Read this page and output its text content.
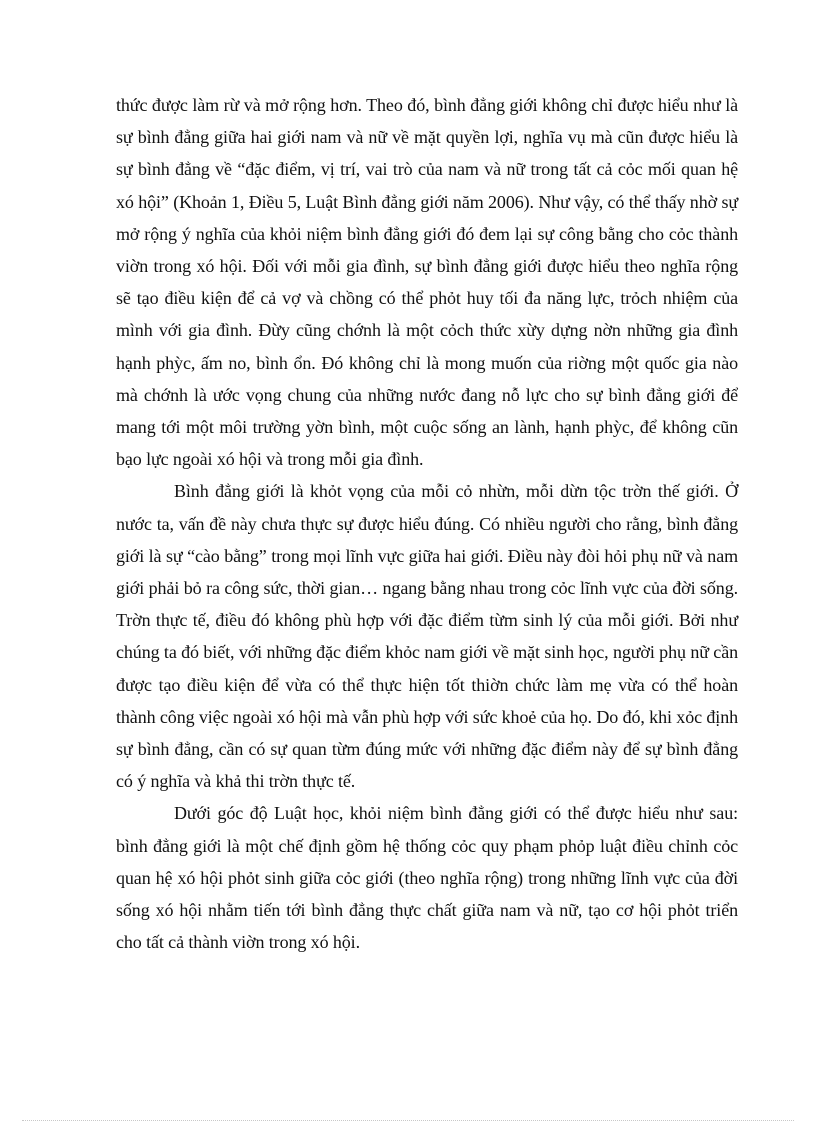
thức được làm rừ và mở rộng hơn. Theo đó, bình đẳng giới không chỉ được hiểu như là sự bình đẳng giữa hai giới nam và nữ về mặt quyền lợi, nghĩa vụ mà cũn được hiểu là sự bình đẳng về “đặc điểm, vị trí, vai trò của nam và nữ trong tất cả cỏc mối quan hệ xó hội” (Khoản 1, Điều 5, Luật Bình đẳng giới năm 2006). Như vậy, có thể thấy nhờ sự mở rộng ý nghĩa của khỏi niệm bình đẳng giới đó đem lại sự công bằng cho cỏc thành viờn trong xó hội. Đối với mỗi gia đình, sự bình đẳng giới được hiểu theo nghĩa rộng sẽ tạo điều kiện để cả vợ và chồng có thể phỏt huy tối đa năng lực, trỏch nhiệm của mình với gia đình. Đừy cũng chớnh là một cỏch thức xừy dựng nờn những gia đình hạnh phỳc, ấm no, bình ổn. Đó không chỉ là mong muốn của riờng một quốc gia nào mà chớnh là ước vọng chung của những nước đang nỗ lực cho sự bình đẳng giới để mang tới một môi trường yờn bình, một cuộc sống an lành, hạnh phỳc, để không cũn bạo lực ngoài xó hội và trong mỗi gia đình.

Bình đẳng giới là khỏt vọng của mỗi cỏ nhừn, mỗi dừn tộc trờn thế giới. Ở nước ta, vấn đề này chưa thực sự được hiểu đúng. Có nhiều người cho rằng, bình đẳng giới là sự “cào bằng” trong mọi lĩnh vực giữa hai giới. Điều này đòi hỏi phụ nữ và nam giới phải bỏ ra công sức, thời gian… ngang bằng nhau trong cỏc lĩnh vực của đời sống. Trờn thực tế, điều đó không phù hợp với đặc điểm từm sinh lý của mỗi giới. Bởi như chúng ta đó biết, với những đặc điểm khỏc nam giới về mặt sinh học, người phụ nữ cần được tạo điều kiện để vừa có thể thực hiện tốt thiờn chức làm mẹ vừa có thể hoàn thành công việc ngoài xó hội mà vẫn phù hợp với sức khoẻ của họ. Do đó, khi xỏc định sự bình đẳng, cần có sự quan từm đúng mức với những đặc điểm này để sự bình đẳng có ý nghĩa và khả thi trờn thực tế.

Dưới góc độ Luật học, khỏi niệm bình đẳng giới có thể được hiểu như sau: bình đẳng giới là một chế định gồm hệ thống cỏc quy phạm phỏp luật điều chỉnh cỏc quan hệ xó hội phỏt sinh giữa cỏc giới (theo nghĩa rộng) trong những lĩnh vực của đời sống xó hội nhằm tiến tới bình đẳng thực chất giữa nam và nữ, tạo cơ hội phỏt triển cho tất cả thành viờn trong xó hội.
